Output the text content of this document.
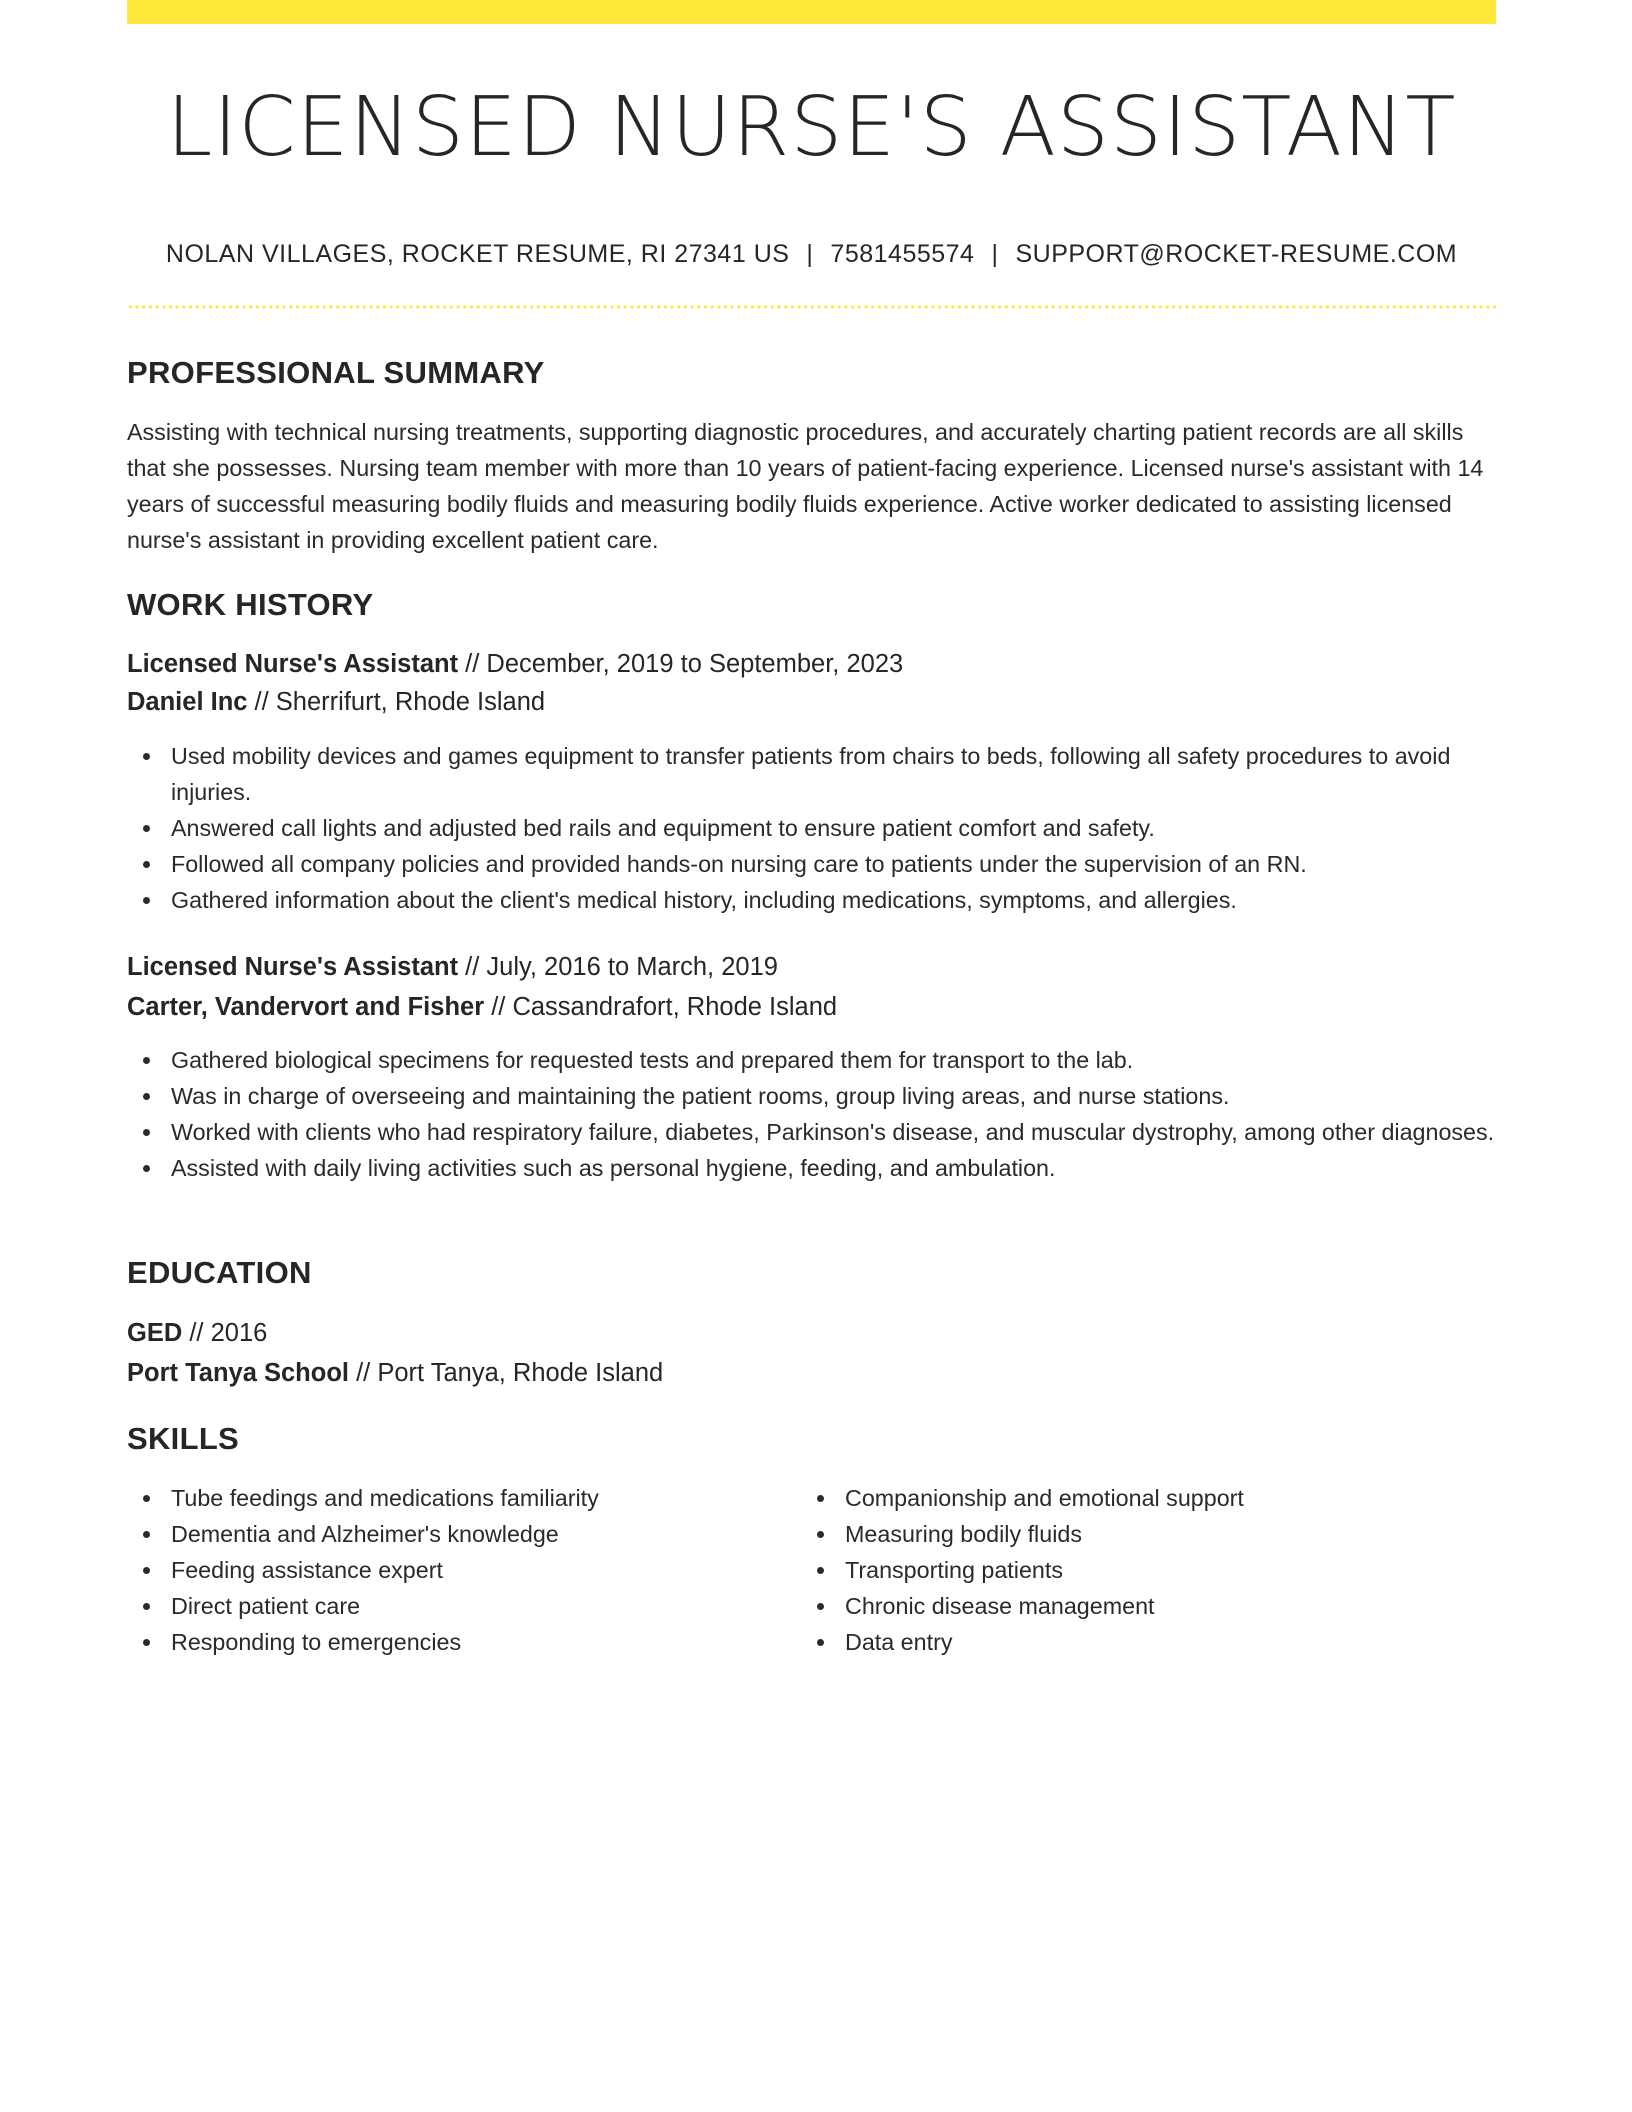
LICENSED NURSE'S ASSISTANT
NOLAN VILLAGES, ROCKET RESUME, RI 27341 US | 7581455574 | SUPPORT@ROCKET-RESUME.COM
PROFESSIONAL SUMMARY

Assisting with technical nursing treatments, supporting diagnostic procedures, and accurately charting patient records are all skills that she possesses. Nursing team member with more than 10 years of patient-facing experience. Licensed nurse's assistant with 14 years of successful measuring bodily fluids and measuring bodily fluids experience. Active worker dedicated to assisting licensed nurse's assistant in providing excellent patient care.

WORK HISTORY
Licensed Nurse's Assistant // December, 2019 to September, 2023
Daniel Inc // Sherrifurt, Rhode Island
Used mobility devices and games equipment to transfer patients from chairs to beds, following all safety procedures to avoid injuries.
Answered call lights and adjusted bed rails and equipment to ensure patient comfort and safety.
Followed all company policies and provided hands-on nursing care to patients under the supervision of an RN.
Gathered information about the client's medical history, including medications, symptoms, and allergies.
Licensed Nurse's Assistant // July, 2016 to March, 2019
Carter, Vandervort and Fisher // Cassandrafort, Rhode Island
Gathered biological specimens for requested tests and prepared them for transport to the lab.
Was in charge of overseeing and maintaining the patient rooms, group living areas, and nurse stations.
Worked with clients who had respiratory failure, diabetes, Parkinson's disease, and muscular dystrophy, among other diagnoses.
Assisted with daily living activities such as personal hygiene, feeding, and ambulation.
EDUCATION
GED // 2016
Port Tanya School // Port Tanya, Rhode Island
SKILLS
Tube feedings and medications familiarity
Dementia and Alzheimer's knowledge
Feeding assistance expert
Direct patient care
Responding to emergencies
Companionship and emotional support
Measuring bodily fluids
Transporting patients
Chronic disease management
Data entry
